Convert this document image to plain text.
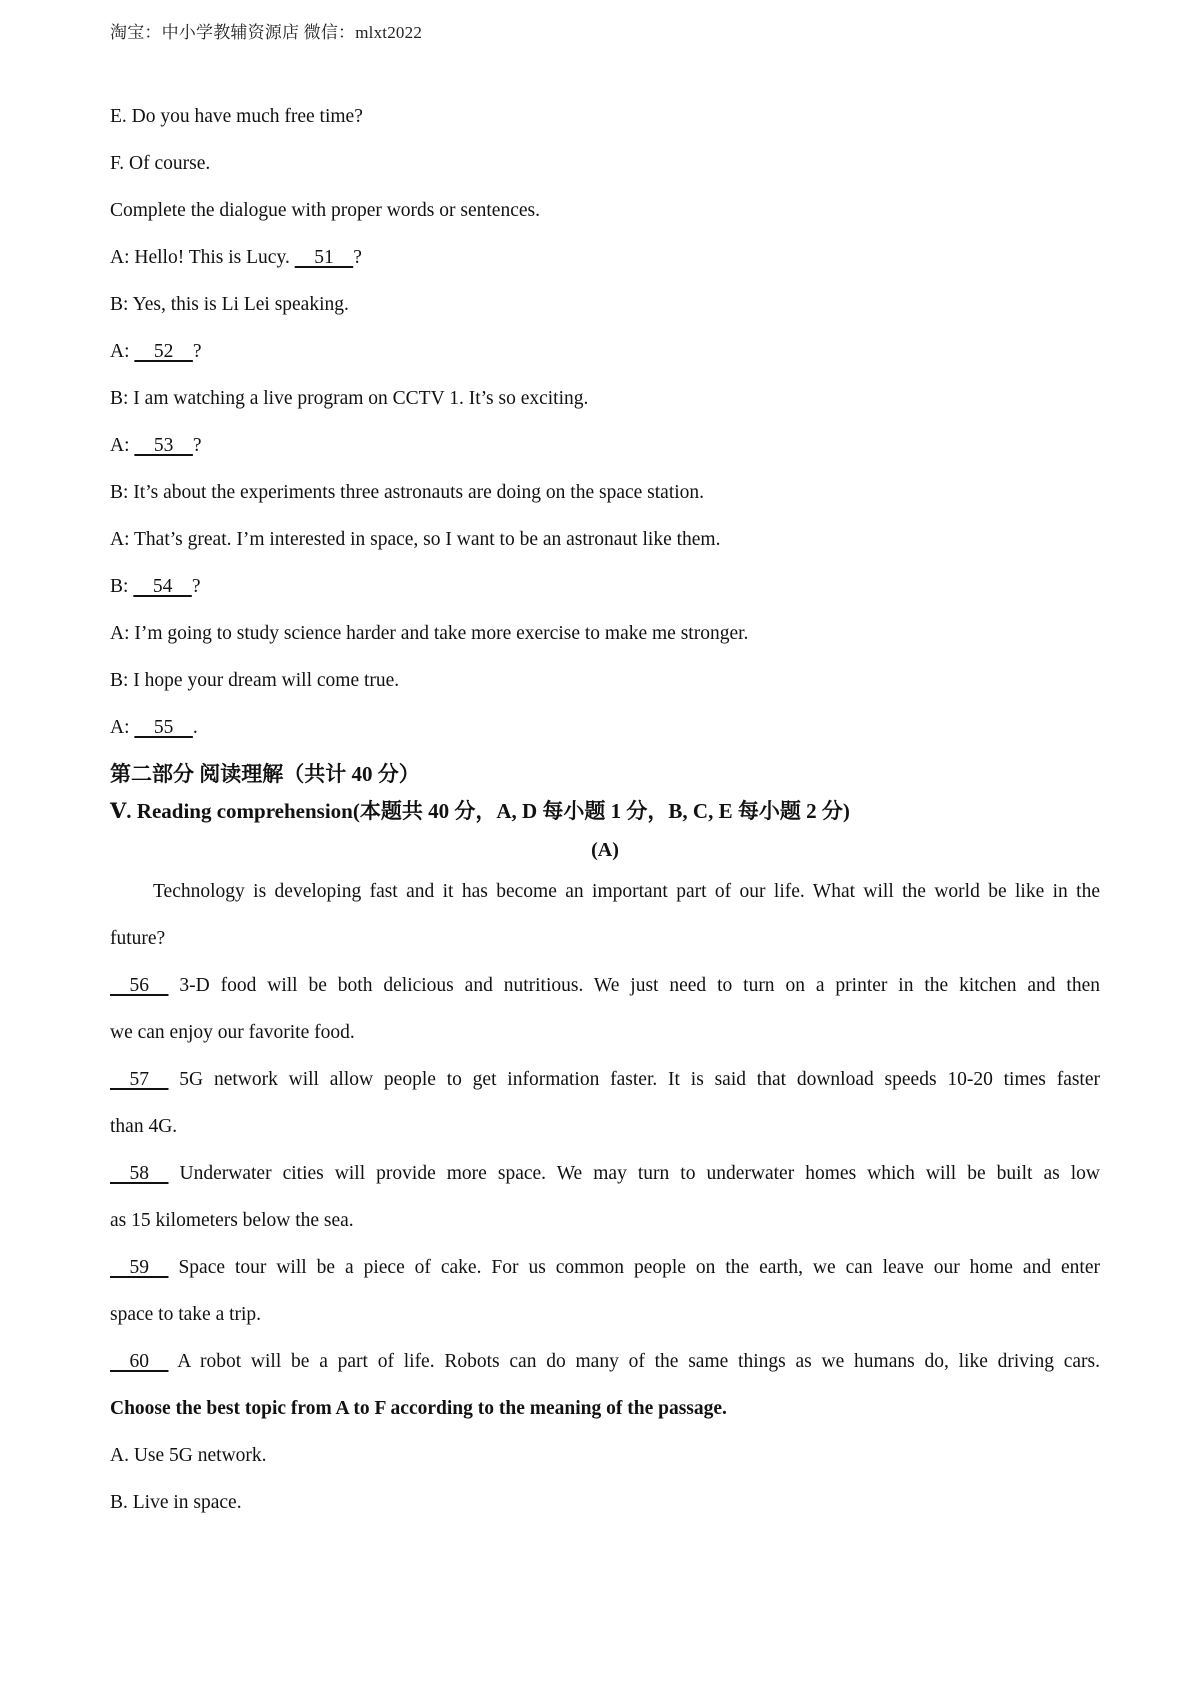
淘宝：中小学教辅资源店 微信：mlxt2022
E. Do you have much free time?
F. Of course.
Complete the dialogue with proper words or sentences.
A: Hello! This is Lucy.     51    ?
B: Yes, this is Li Lei speaking.
A:     52    ?
B: I am watching a live program on CCTV 1. It’s so exciting.
A:     53    ?
B: It’s about the experiments three astronauts are doing on the space station.
A: That’s great. I’m interested in space, so I want to be an astronaut like them.
B:     54    ?
A: I’m going to study science harder and take more exercise to make me stronger.
B: I hope your dream will come true.
A:     55    .
第二部分 阅读理解（共计 40 分）
Ⅴ. Reading comprehension(本题共 40 分，A, D 每小题 1 分，B, C, E 每小题 2 分)
(A)
Technology is developing fast and it has become an important part of our life. What will the world be like in the
future?
56     3-D food will be both delicious and nutritious. We just need to turn on a printer in the kitchen and then
we can enjoy our favorite food.
57     5G network will allow people to get information faster. It is said that download speeds 10-20 times faster
than 4G.
58     Underwater cities will provide more space. We may turn to underwater homes which will be built as low
as 15 kilometers below the sea.
59     Space tour will be a piece of cake. For us common people on the earth, we can leave our home and enter
space to take a trip.
60     A robot will be a part of life. Robots can do many of the same things as we humans do, like driving cars.
Choose the best topic from A to F according to the meaning of the passage.
A. Use 5G network.
B. Live in space.
